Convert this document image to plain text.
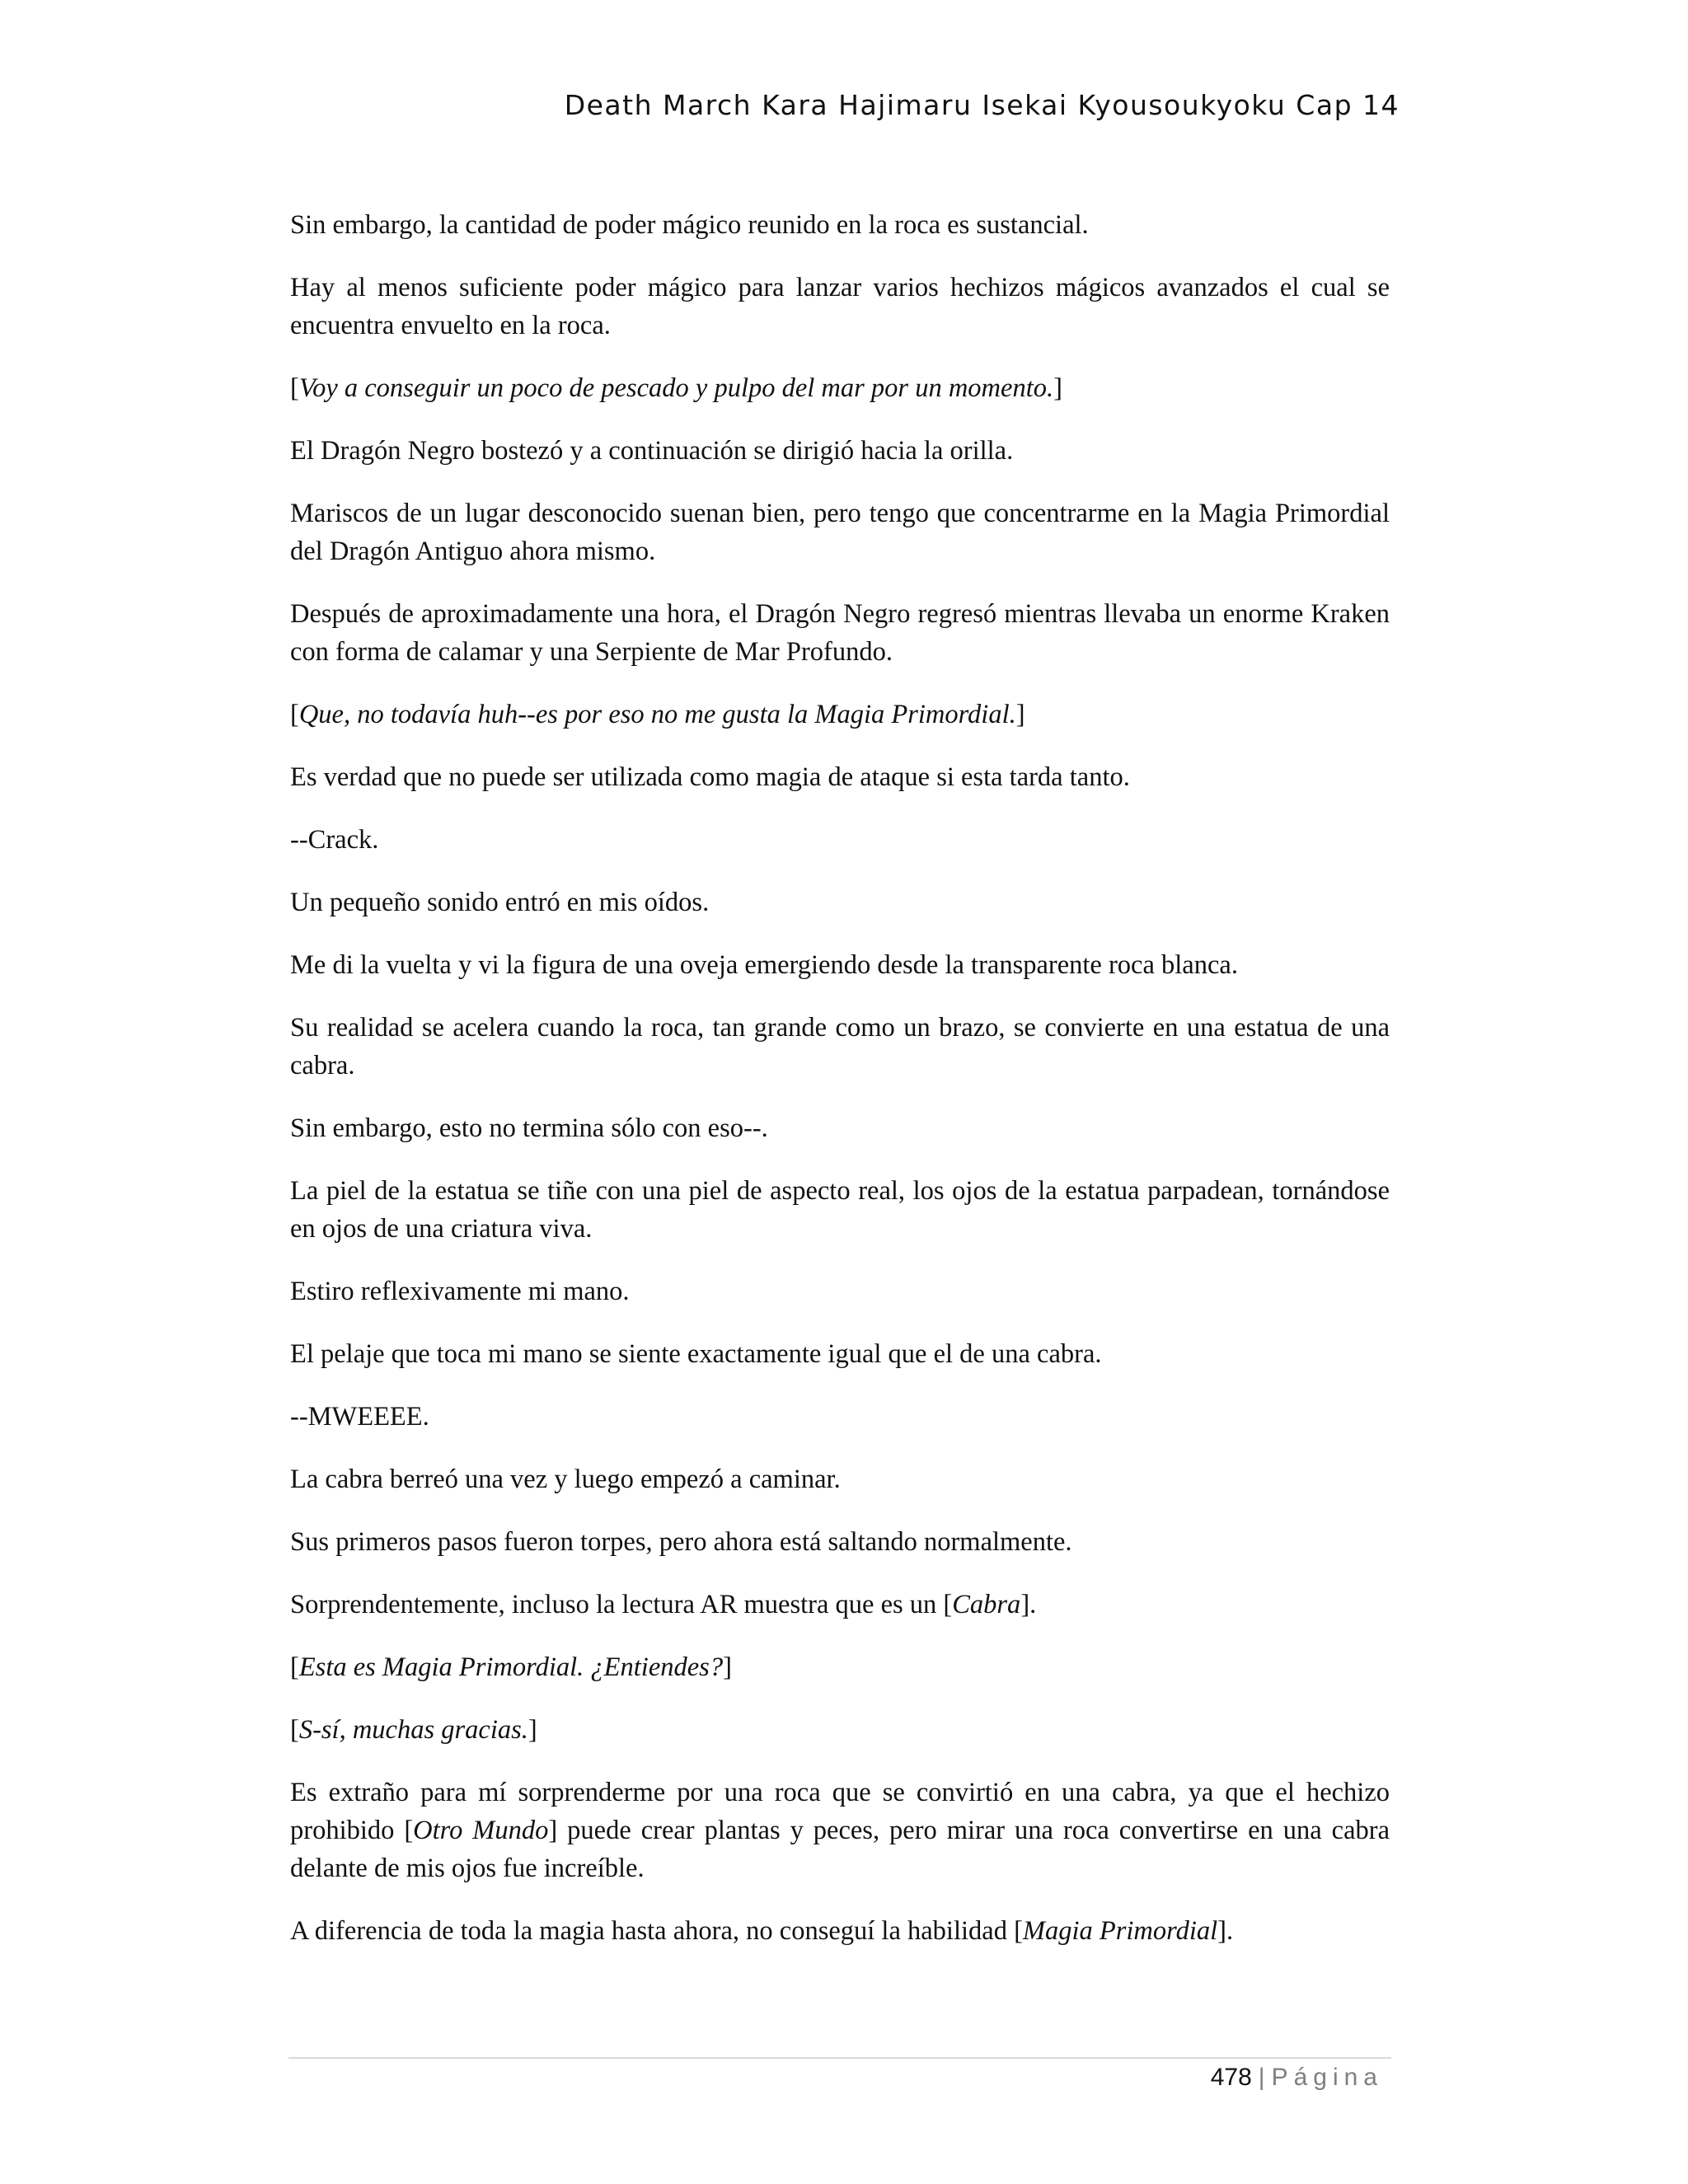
Death March Kara Hajimaru Isekai Kyousoukyoku Cap 14

Sin embargo, la cantidad de poder mágico reunido en la roca es sustancial.

Hay al menos suficiente poder mágico para lanzar varios hechizos mágicos avanzados el cual se encuentra envuelto en la roca.

[Voy a conseguir un poco de pescado y pulpo del mar por un momento.]

El Dragón Negro bostezó y a continuación se dirigió hacia la orilla.

Mariscos de un lugar desconocido suenan bien, pero tengo que concentrarme en la Magia Primordial del Dragón Antiguo ahora mismo.

Después de aproximadamente una hora, el Dragón Negro regresó mientras llevaba un enorme Kraken con forma de calamar y una Serpiente de Mar Profundo.

[Que, no todavía huh--es por eso no me gusta la Magia Primordial.]

Es verdad que no puede ser utilizada como magia de ataque si esta tarda tanto.

--Crack.

Un pequeño sonido entró en mis oídos.

Me di la vuelta y vi la figura de una oveja emergiendo desde la transparente roca blanca.

Su realidad se acelera cuando la roca, tan grande como un brazo, se convierte en una estatua de una cabra.

Sin embargo, esto no termina sólo con eso--.

La piel de la estatua se tiñe con una piel de aspecto real, los ojos de la estatua parpadean, tornándose en ojos de una criatura viva.

Estiro reflexivamente mi mano.

El pelaje que toca mi mano se siente exactamente igual que el de una cabra.

--MWEEEE.

La cabra berreó una vez y luego empezó a caminar.

Sus primeros pasos fueron torpes, pero ahora está saltando normalmente.

Sorprendentemente, incluso la lectura AR muestra que es un [Cabra].

[Esta es Magia Primordial. ¿Entiendes?]

[S-sí, muchas gracias.]

Es extraño para mí sorprenderme por una roca que se convirtió en una cabra, ya que el hechizo prohibido [Otro Mundo] puede crear plantas y peces, pero mirar una roca convertirse en una cabra delante de mis ojos fue increíble.

A diferencia de toda la magia hasta ahora, no conseguí la habilidad [Magia Primordial].

478 | Página
